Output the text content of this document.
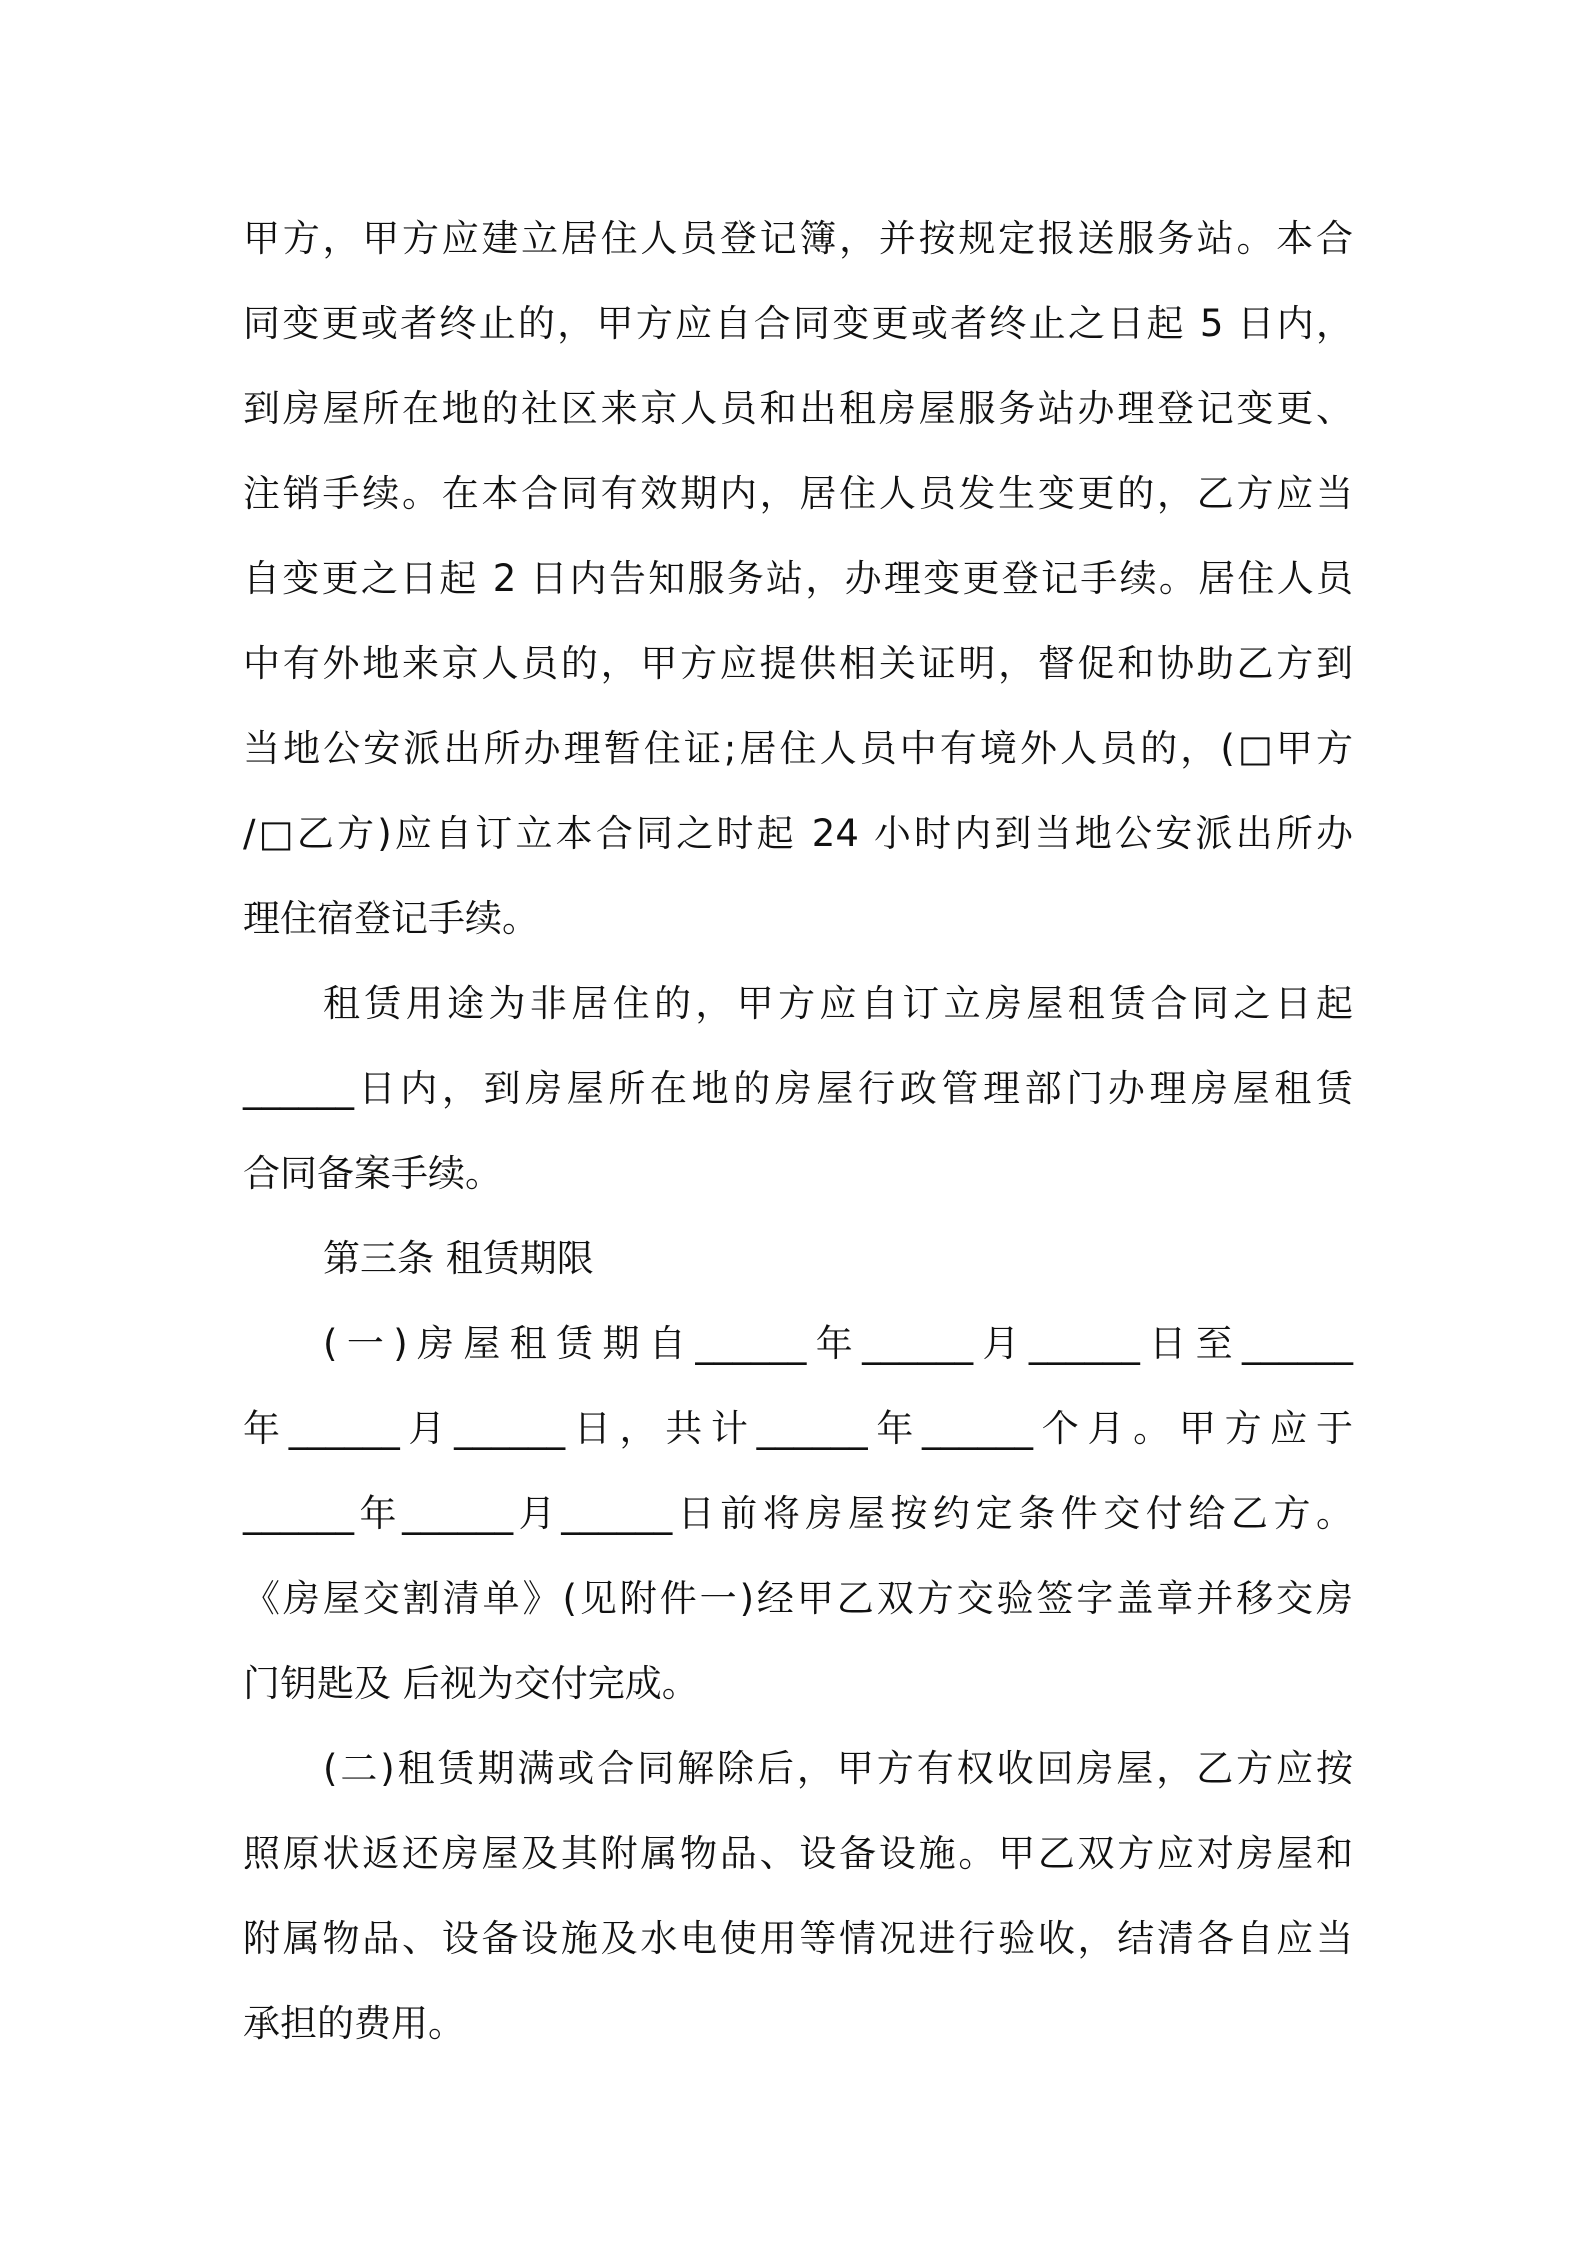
甲方，甲方应建立居住人员登记簿，并按规定报送服务站。本合
同变更或者终止的，甲方应自合同变更或者终止之日起 5 日内，
到房屋所在地的社区来京人员和出租房屋服务站办理登记变更、
注销手续。在本合同有效期内，居住人员发生变更的，乙方应当
自变更之日起 2 日内告知服务站，办理变更登记手续。居住人员
中有外地来京人员的，甲方应提供相关证明，督促和协助乙方到
当地公安派出所办理暂住证;居住人员中有境外人员的，(□甲方
/□乙方)应自订立本合同之时起 24 小时内到当地公安派出所办
理住宿登记手续。

租赁用途为非居住的，甲方应自订立房屋租赁合同之日起
______日内，到房屋所在地的房屋行政管理部门办理房屋租赁
合同备案手续。

第三条 租赁期限

(一)房屋租赁期自______年______月______日至______
年______月______日，共计______年______个月。甲方应于
______年______月______日前将房屋按约定条件交付给乙方。
《房屋交割清单》(见附件一)经甲乙双方交验签字盖章并移交房
门钥匙及 后视为交付完成。

(二)租赁期满或合同解除后，甲方有权收回房屋，乙方应按
照原状返还房屋及其附属物品、设备设施。甲乙双方应对房屋和
附属物品、设备设施及水电使用等情况进行验收，结清各自应当
承担的费用。
